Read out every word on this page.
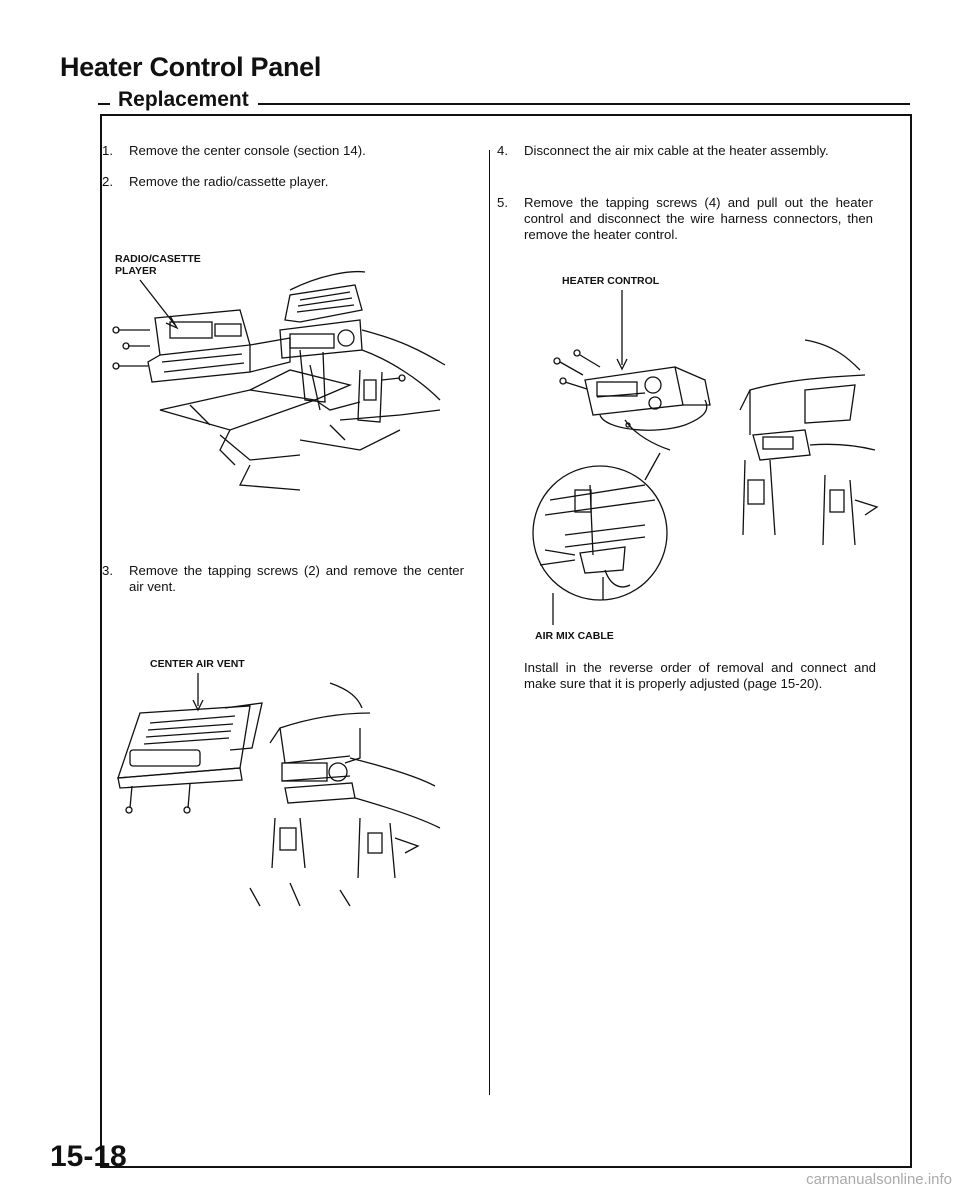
Heater Control Panel
Replacement
1. Remove the center console (section 14).
2. Remove the radio/cassette player.
RADIO/CASETTE
PLAYER
3. Remove the tapping screws (2) and remove the center air vent.
CENTER AIR VENT
4. Disconnect the air mix cable at the heater assembly.
5. Remove the tapping screws (4) and pull out the heater control and disconnect the wire harness connectors, then remove the heater control.
HEATER CONTROL
AIR MIX CABLE
Install in the reverse order of removal and connect and make sure that it is properly adjusted (page 15-20).
15-18
carmanualsonline.info
